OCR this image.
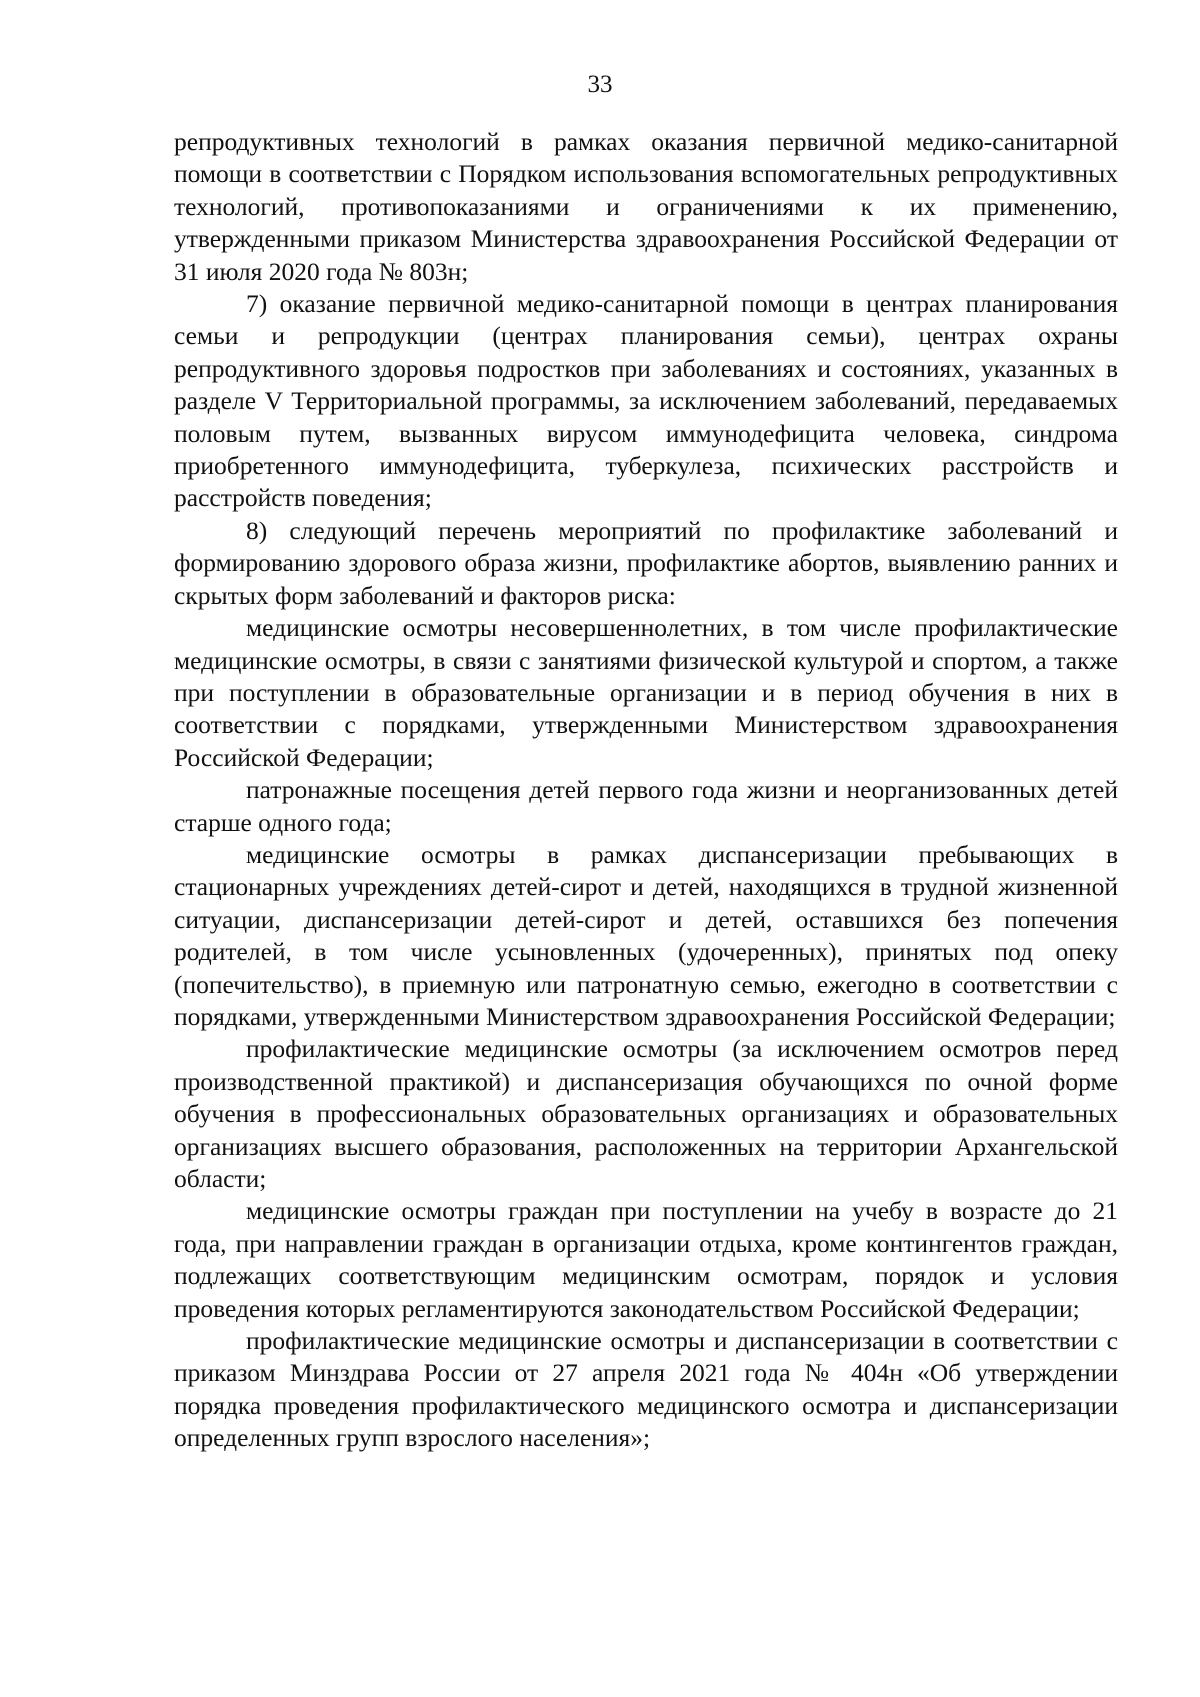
33

репродуктивных технологий в рамках оказания первичной медико-санитарной помощи в соответствии с Порядком использования вспомогательных репродуктивных технологий, противопоказаниями и ограничениями к их применению, утвержденными приказом Министерства здравоохранения Российской Федерации от 31 июля 2020 года № 803н;

7) оказание первичной медико-санитарной помощи в центрах планирования семьи и репродукции (центрах планирования семьи), центрах охраны репродуктивного здоровья подростков при заболеваниях и состояниях, указанных в разделе V Территориальной программы, за исключением заболеваний, передаваемых половым путем, вызванных вирусом иммунодефицита человека, синдрома приобретенного иммунодефицита, туберкулеза, психических расстройств и расстройств поведения;

8) следующий перечень мероприятий по профилактике заболеваний и формированию здорового образа жизни, профилактике абортов, выявлению ранних и скрытых форм заболеваний и факторов риска:

медицинские осмотры несовершеннолетних, в том числе профилактические медицинские осмотры, в связи с занятиями физической культурой и спортом, а также при поступлении в образовательные организации и в период обучения в них в соответствии с порядками, утвержденными Министерством здравоохранения Российской Федерации;

патронажные посещения детей первого года жизни и неорганизованных детей старше одного года;

медицинские осмотры в рамках диспансеризации пребывающих в стационарных учреждениях детей-сирот и детей, находящихся в трудной жизненной ситуации, диспансеризации детей-сирот и детей, оставшихся без попечения родителей, в том числе усыновленных (удочеренных), принятых под опеку (попечительство), в приемную или патронатную семью, ежегодно в соответствии с порядками, утвержденными Министерством здравоохранения Российской Федерации;

профилактические медицинские осмотры (за исключением осмотров перед производственной практикой) и диспансеризация обучающихся по очной форме обучения в профессиональных образовательных организациях и образовательных организациях высшего образования, расположенных на территории Архангельской области;

медицинские осмотры граждан при поступлении на учебу в возрасте до 21 года, при направлении граждан в организации отдыха, кроме контингентов граждан, подлежащих соответствующим медицинским осмотрам, порядок и условия проведения которых регламентируются законодательством Российской Федерации;

профилактические медицинские осмотры и диспансеризации в соответствии с приказом Минздрава России от 27 апреля 2021 года № 404н «Об утверждении порядка проведения профилактического медицинского осмотра и диспансеризации определенных групп взрослого населения»;
